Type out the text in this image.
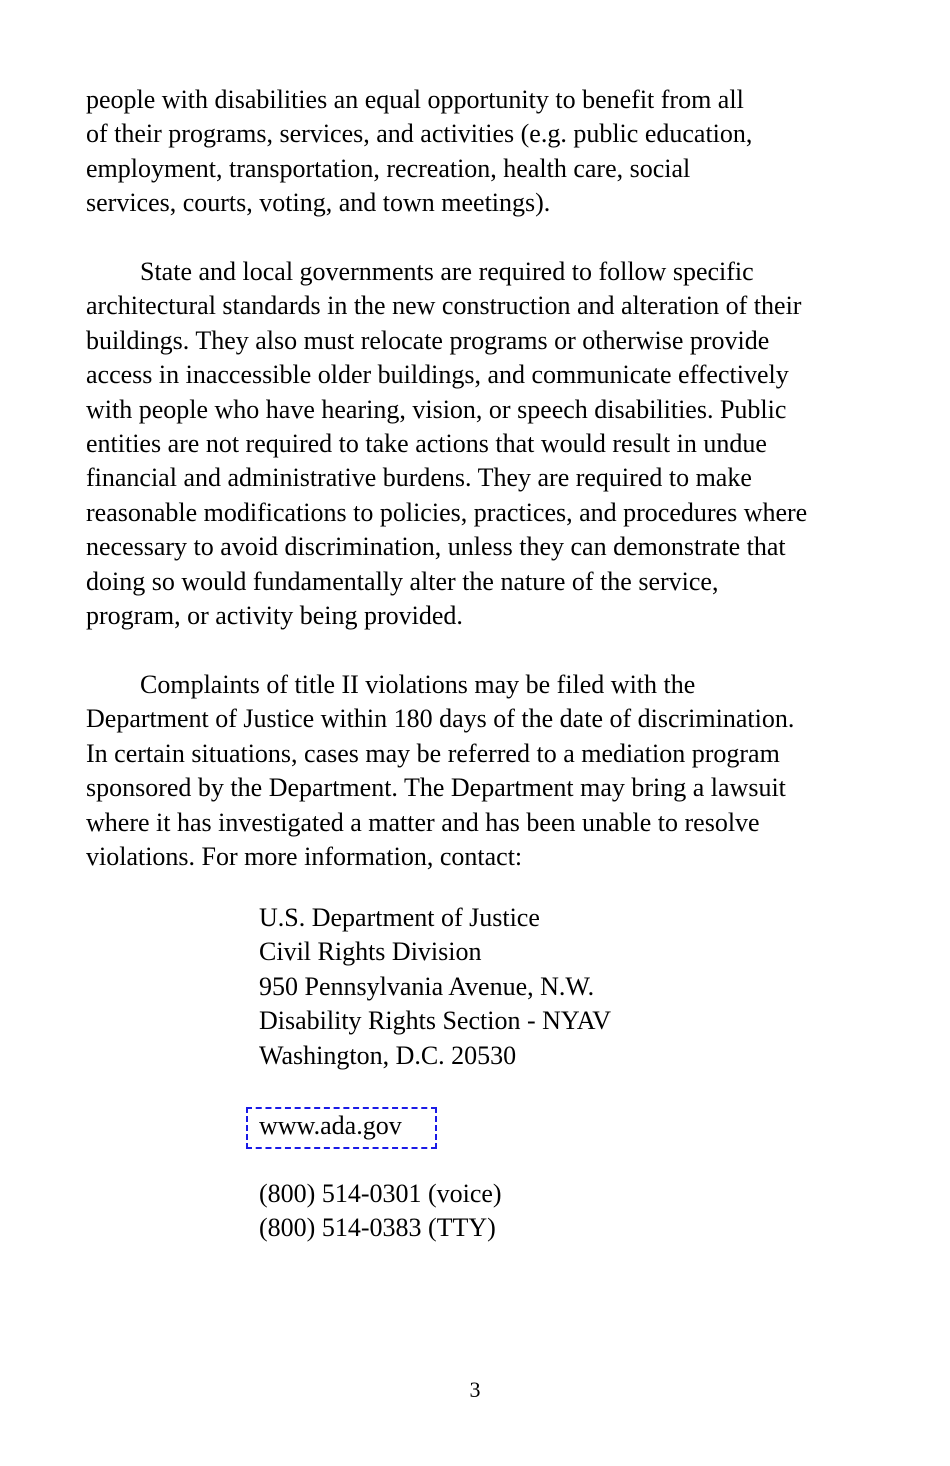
people with disabilities an equal opportunity to benefit from all
of their programs, services, and activities (e.g. public education,
employment, transportation, recreation, health care, social
services, courts, voting, and town meetings).
State and local governments are required to follow specific
architectural standards in the new construction and alteration of their
buildings. They also must relocate programs or otherwise provide
access in inaccessible older buildings, and communicate effectively
with people who have hearing, vision, or speech disabilities. Public
entities are not required to take actions that would result in undue
financial and administrative burdens. They are required to make
reasonable modifications to policies, practices, and procedures where
necessary to avoid discrimination, unless they can demonstrate that
doing so would fundamentally alter the nature of the service,
program, or activity being provided.
Complaints of title II violations may be filed with the
Department of Justice within 180 days of the date of discrimination.
In certain situations, cases may be referred to a mediation program
sponsored by the Department. The Department may bring a lawsuit
where it has investigated a matter and has been unable to resolve
violations. For more information, contact:
U.S. Department of Justice
Civil Rights Division
950 Pennsylvania Avenue, N.W.
Disability Rights Section - NYAV
Washington, D.C. 20530
www.ada.gov
(800) 514-0301 (voice)
(800) 514-0383 (TTY)
3
